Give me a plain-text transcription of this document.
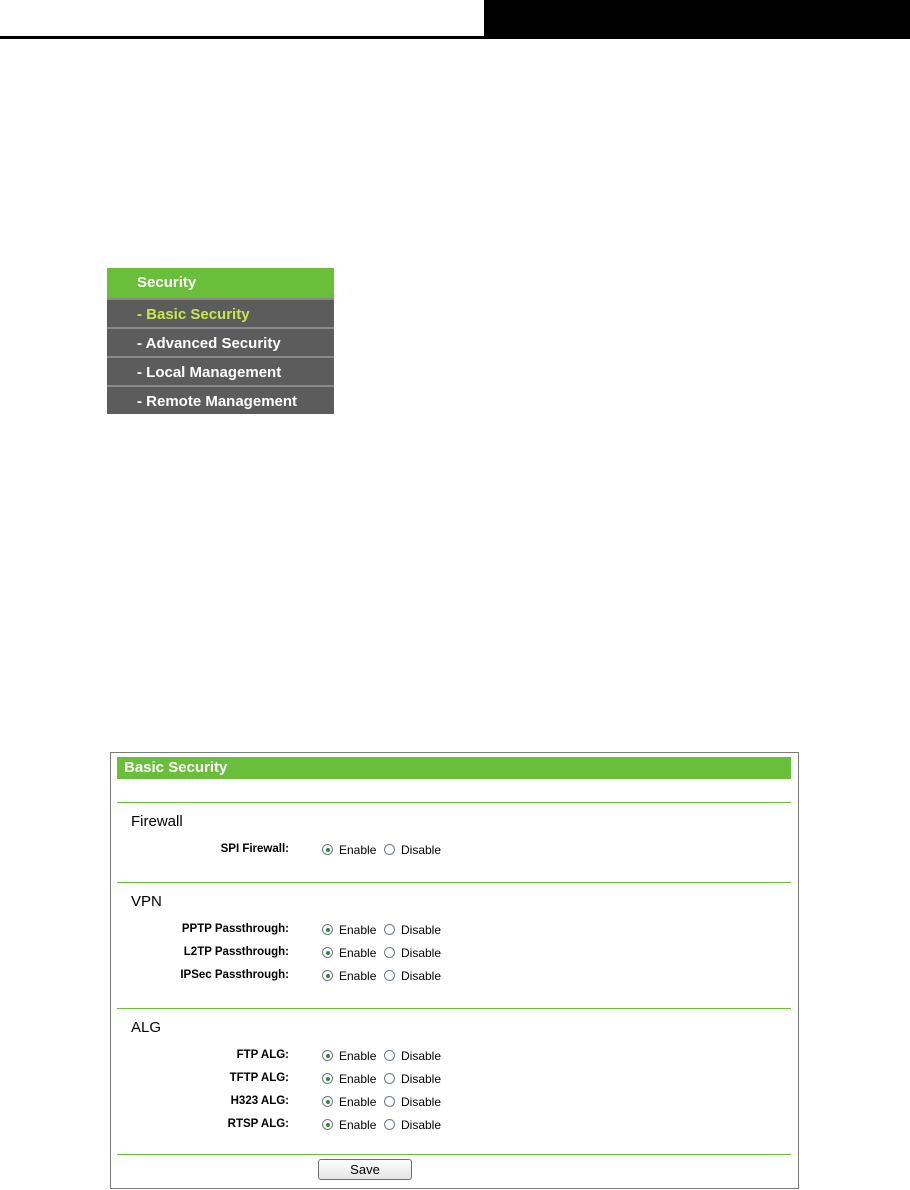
Security
- Basic Security
- Advanced Security
- Local Management
- Remote Management
Basic Security
Firewall
SPI Firewall:	Enable Disable
VPN
PPTP Passthrough:	Enable Disable
L2TP Passthrough:	Enable Disable
IPSec Passthrough:	Enable Disable
ALG
FTP ALG:	Enable Disable
TFTP ALG:	Enable Disable
H323 ALG:	Enable Disable
RTSP ALG:	Enable Disable
Save
